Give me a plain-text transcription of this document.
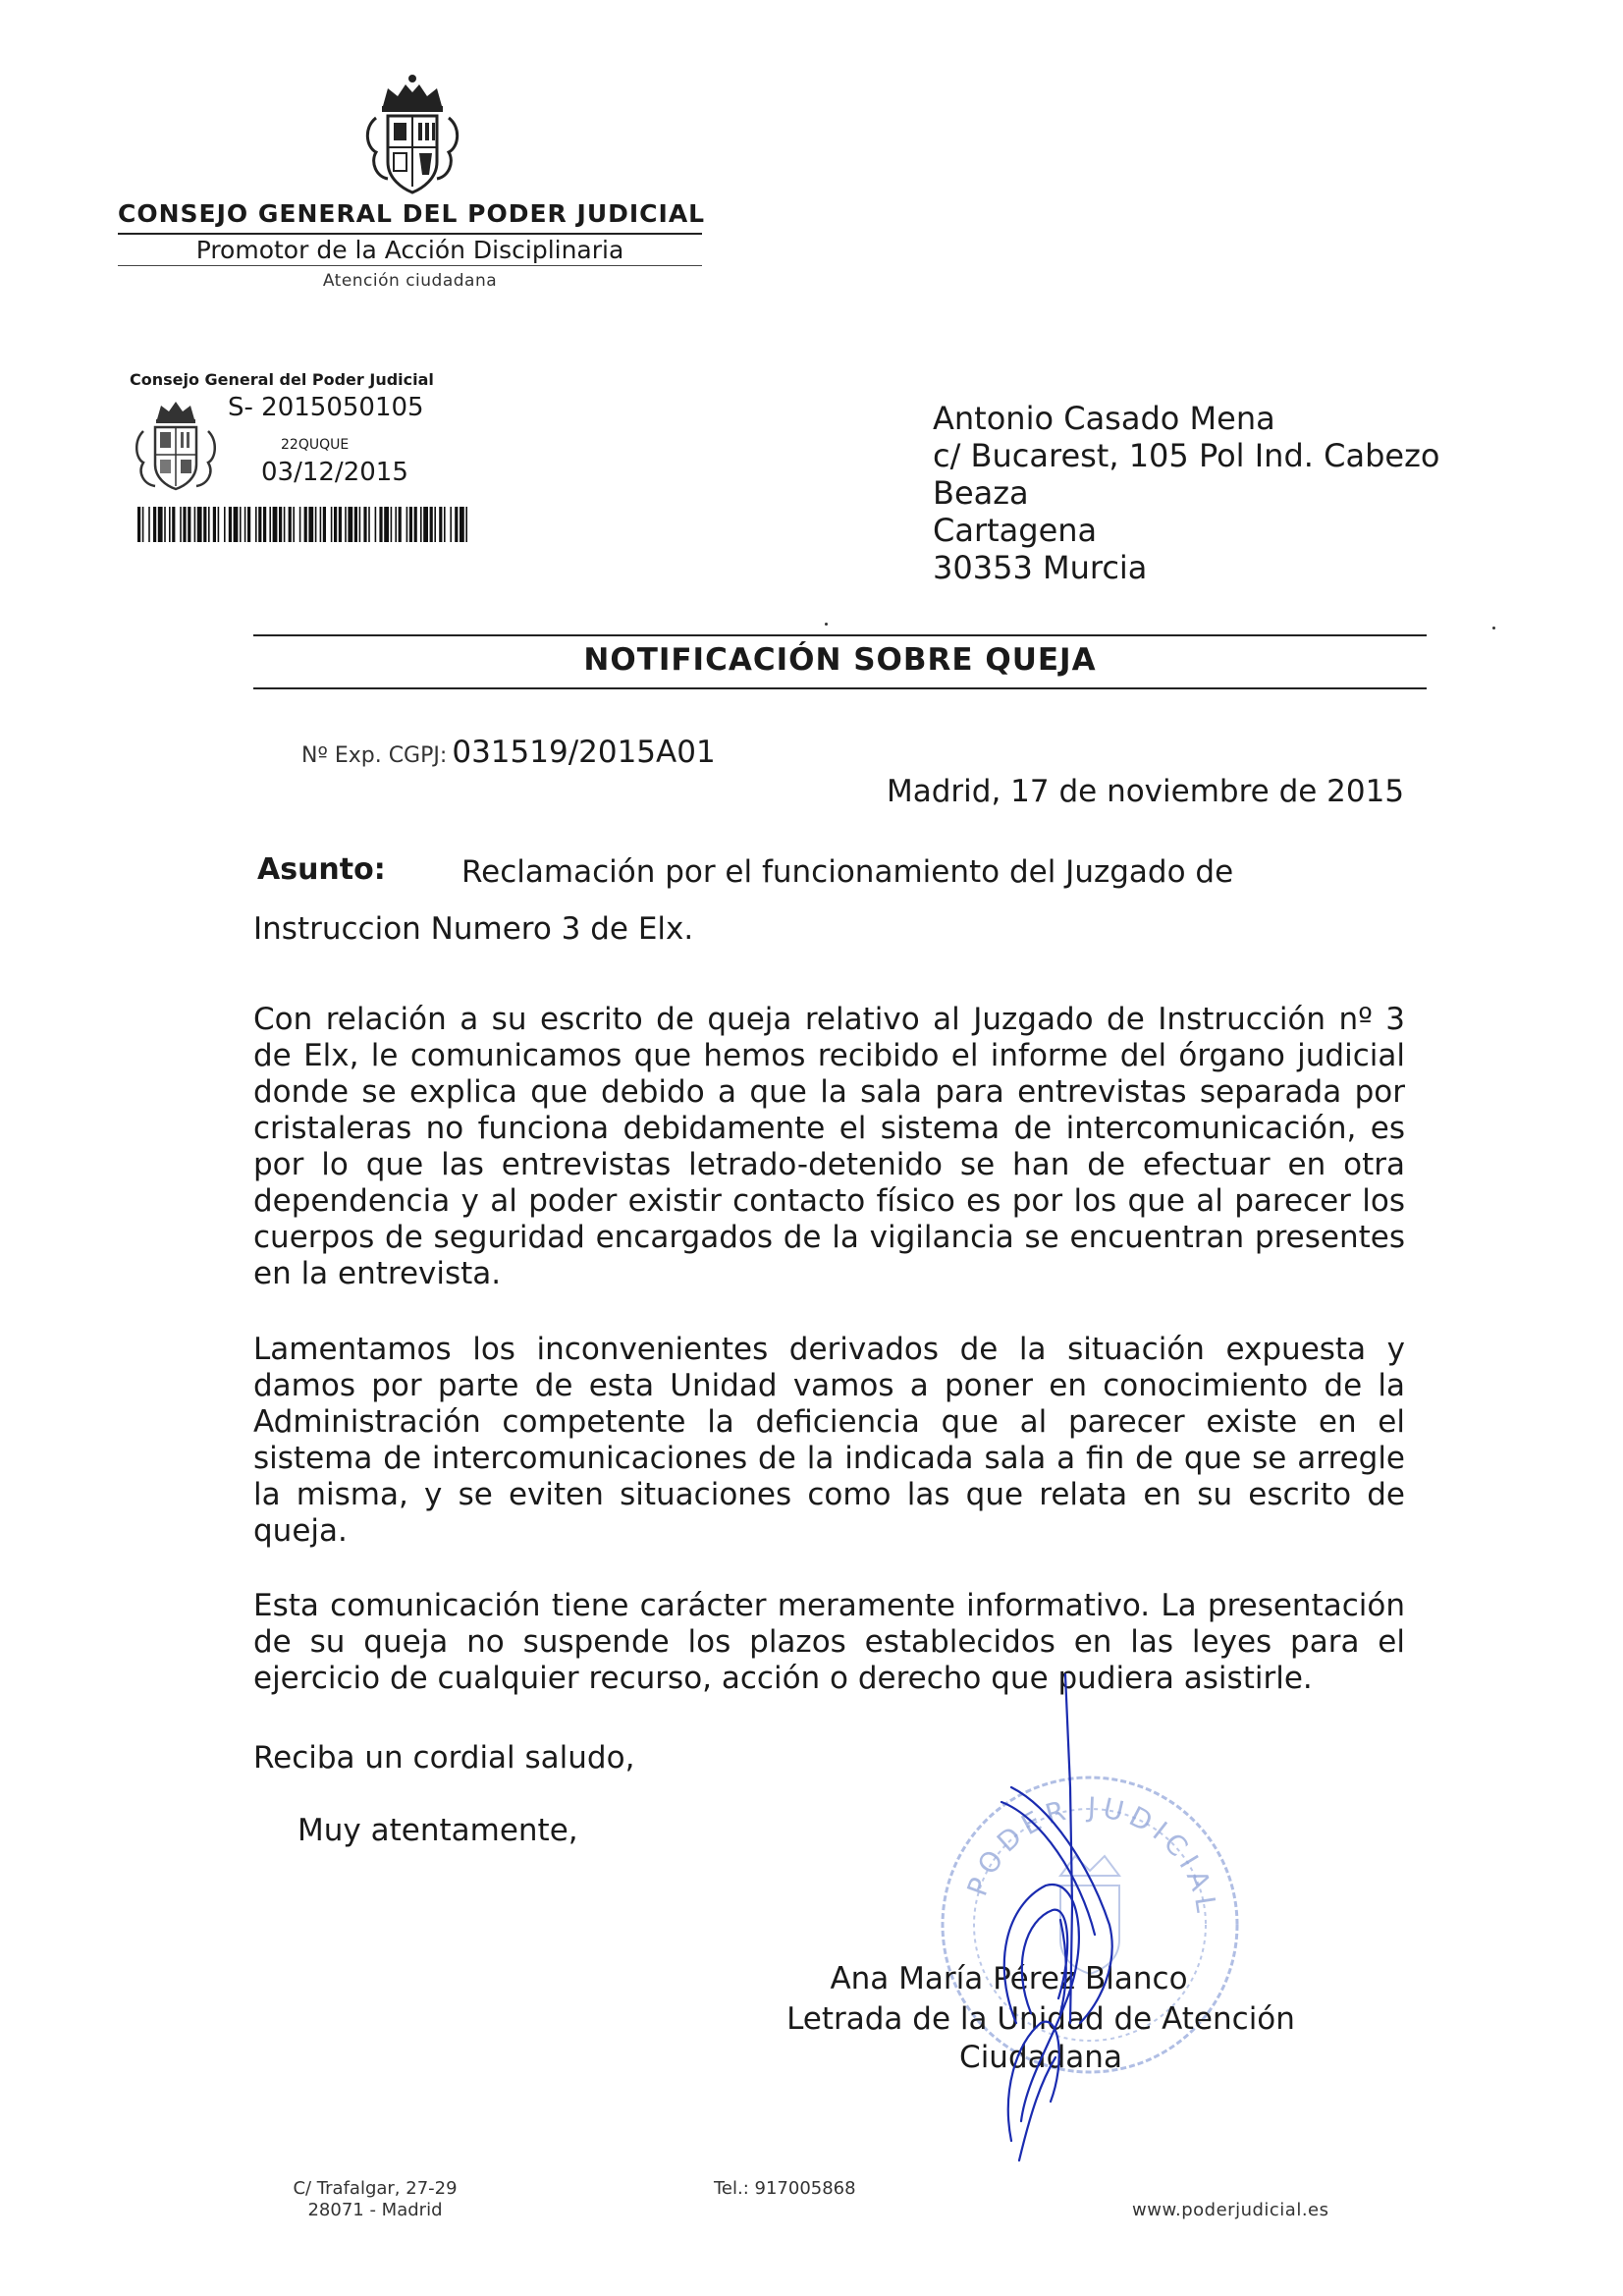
CONSEJO GENERAL DEL PODER JUDICIAL
Promotor de la Acción Disciplinaria
Atención ciudadana
Consejo General del Poder Judicial
S- 2015050105
22QUQUE
03/12/2015
Antonio Casado Mena
c/ Bucarest, 105 Pol Ind. Cabezo
Beaza
Cartagena
30353 Murcia
NOTIFICACIÓN SOBRE QUEJA
Nº Exp. CGPJ: 031519/2015A01
Madrid, 17 de noviembre de 2015
Asunto: Reclamación por el funcionamiento del Juzgado de
Instruccion Numero 3 de Elx.
Con relación a su escrito de queja relativo al Juzgado de Instrucción nº 3 de Elx, le comunicamos que hemos recibido el informe del órgano judicial donde se explica que debido a que la sala para entrevistas separada por cristaleras no funciona debidamente el sistema de intercomunicación, es por lo que las entrevistas letrado-detenido se han de efectuar en otra dependencia y al poder existir contacto físico es por los que al parecer los cuerpos de seguridad encargados de la vigilancia se encuentran presentes en la entrevista.
Lamentamos los inconvenientes derivados de la situación expuesta y damos por parte de esta Unidad vamos a poner en conocimiento de la Administración competente la deficiencia que al parecer existe en el sistema de intercomunicaciones de la indicada sala a fin de que se arregle la misma, y se eviten situaciones como las que relata en su escrito de queja.
Esta comunicación tiene carácter meramente informativo. La presentación de su queja no suspende los plazos establecidos en las leyes para el ejercicio de cualquier recurso, acción o derecho que pudiera asistirle.
Reciba un cordial saludo,
Muy atentamente,
PODER JUDICIAL
Ana María Pérez Blanco
Letrada de la Unidad de Atención Ciudadana
C/ Trafalgar, 27-29
28071 - Madrid
Tel.: 917005868
www.poderjudicial.es
